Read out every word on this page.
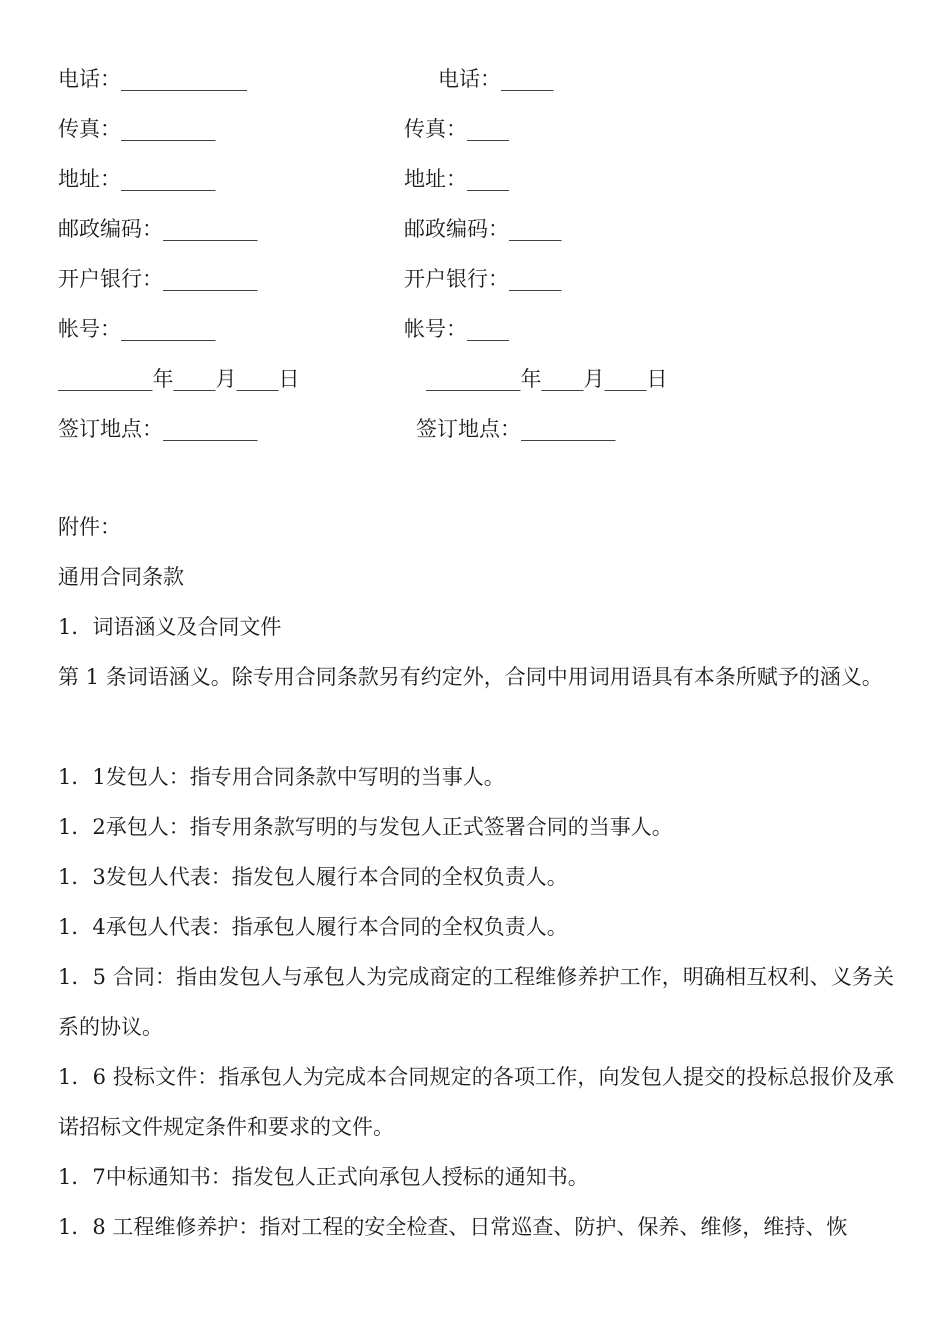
电话：____________	电话：_____
传真：_________	传真：____
地址：_________	地址：____
邮政编码：_________	邮政编码：_____
开户银行：_________	开户银行：_____
帐号：_________	帐号：____
_________年____月____日	_________年____月____日
签订地点：_________	签订地点：_________
附件：
通用合同条款
1．词语涵义及合同文件
第 1 条词语涵义。除专用合同条款另有约定外，合同中用词用语具有本条所赋予的涵义。
1．1发包人：指专用合同条款中写明的当事人。
1．2承包人：指专用条款写明的与发包人正式签署合同的当事人。
1．3发包人代表：指发包人履行本合同的全权负责人。
1．4承包人代表：指承包人履行本合同的全权负责人。
1．5 合同：指由发包人与承包人为完成商定的工程维修养护工作，明确相互权利、义务关系的协议。
1．6 投标文件：指承包人为完成本合同规定的各项工作，向发包人提交的投标总报价及承诺招标文件规定条件和要求的文件。
1．7中标通知书：指发包人正式向承包人授标的通知书。
1．8 工程维修养护：指对工程的安全检查、日常巡查、防护、保养、维修，维持、恢
